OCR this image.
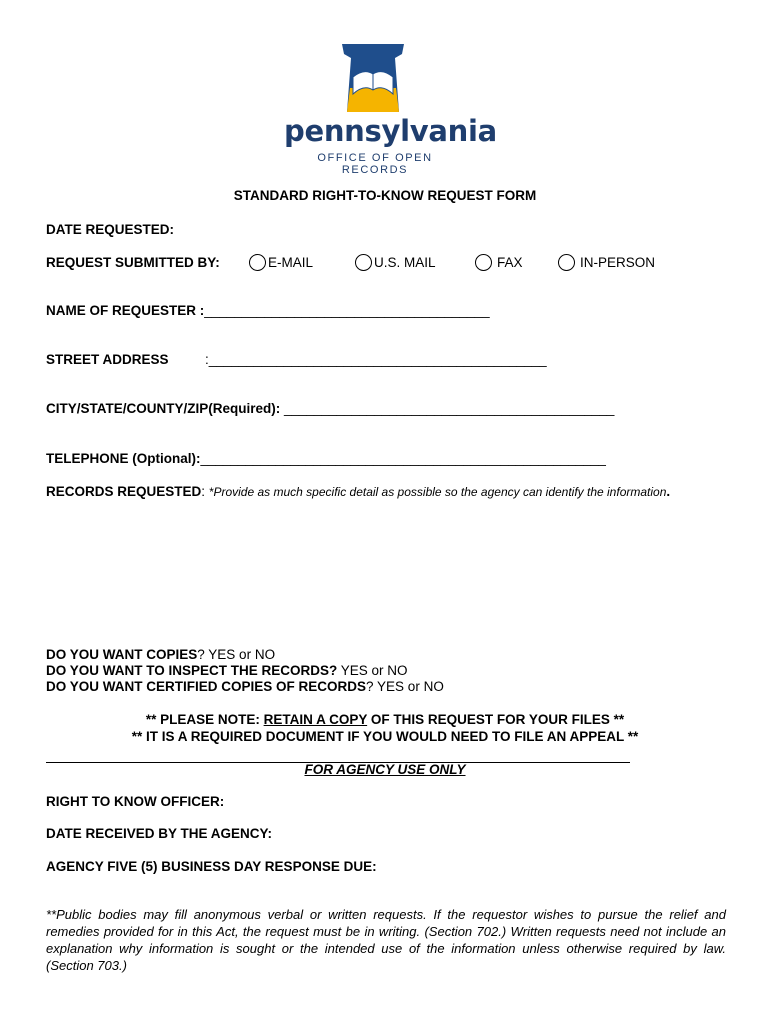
pennsylvania
OFFICE OF OPEN RECORDS
STANDARD RIGHT-TO-KNOW REQUEST FORM
DATE REQUESTED:
REQUEST SUBMITTED BY:	E-MAIL	U.S. MAIL	FAX	IN-PERSON
NAME OF REQUESTER :______________________________________
STREET ADDRESS	:_____________________________________________
CITY/STATE/COUNTY/ZIP(Required): ____________________________________________
TELEPHONE (Optional):______________________________________________________
RECORDS REQUESTED: *Provide as much specific detail as possible so the agency can identify the information.
DO YOU WANT COPIES? YES or NO
DO YOU WANT TO INSPECT THE RECORDS? YES or NO
DO YOU WANT CERTIFIED COPIES OF RECORDS? YES or NO
** PLEASE NOTE: RETAIN A COPY OF THIS REQUEST FOR YOUR FILES **
** IT IS A REQUIRED DOCUMENT IF YOU WOULD NEED TO FILE AN APPEAL **
FOR AGENCY USE ONLY
RIGHT TO KNOW OFFICER:
DATE RECEIVED BY THE AGENCY:
AGENCY FIVE (5) BUSINESS DAY RESPONSE DUE:
**Public bodies may fill anonymous verbal or written requests. If the requestor wishes to pursue the relief and remedies provided for in this Act, the request must be in writing. (Section 702.) Written requests need not include an explanation why information is sought or the intended use of the information unless otherwise required by law. (Section 703.)
